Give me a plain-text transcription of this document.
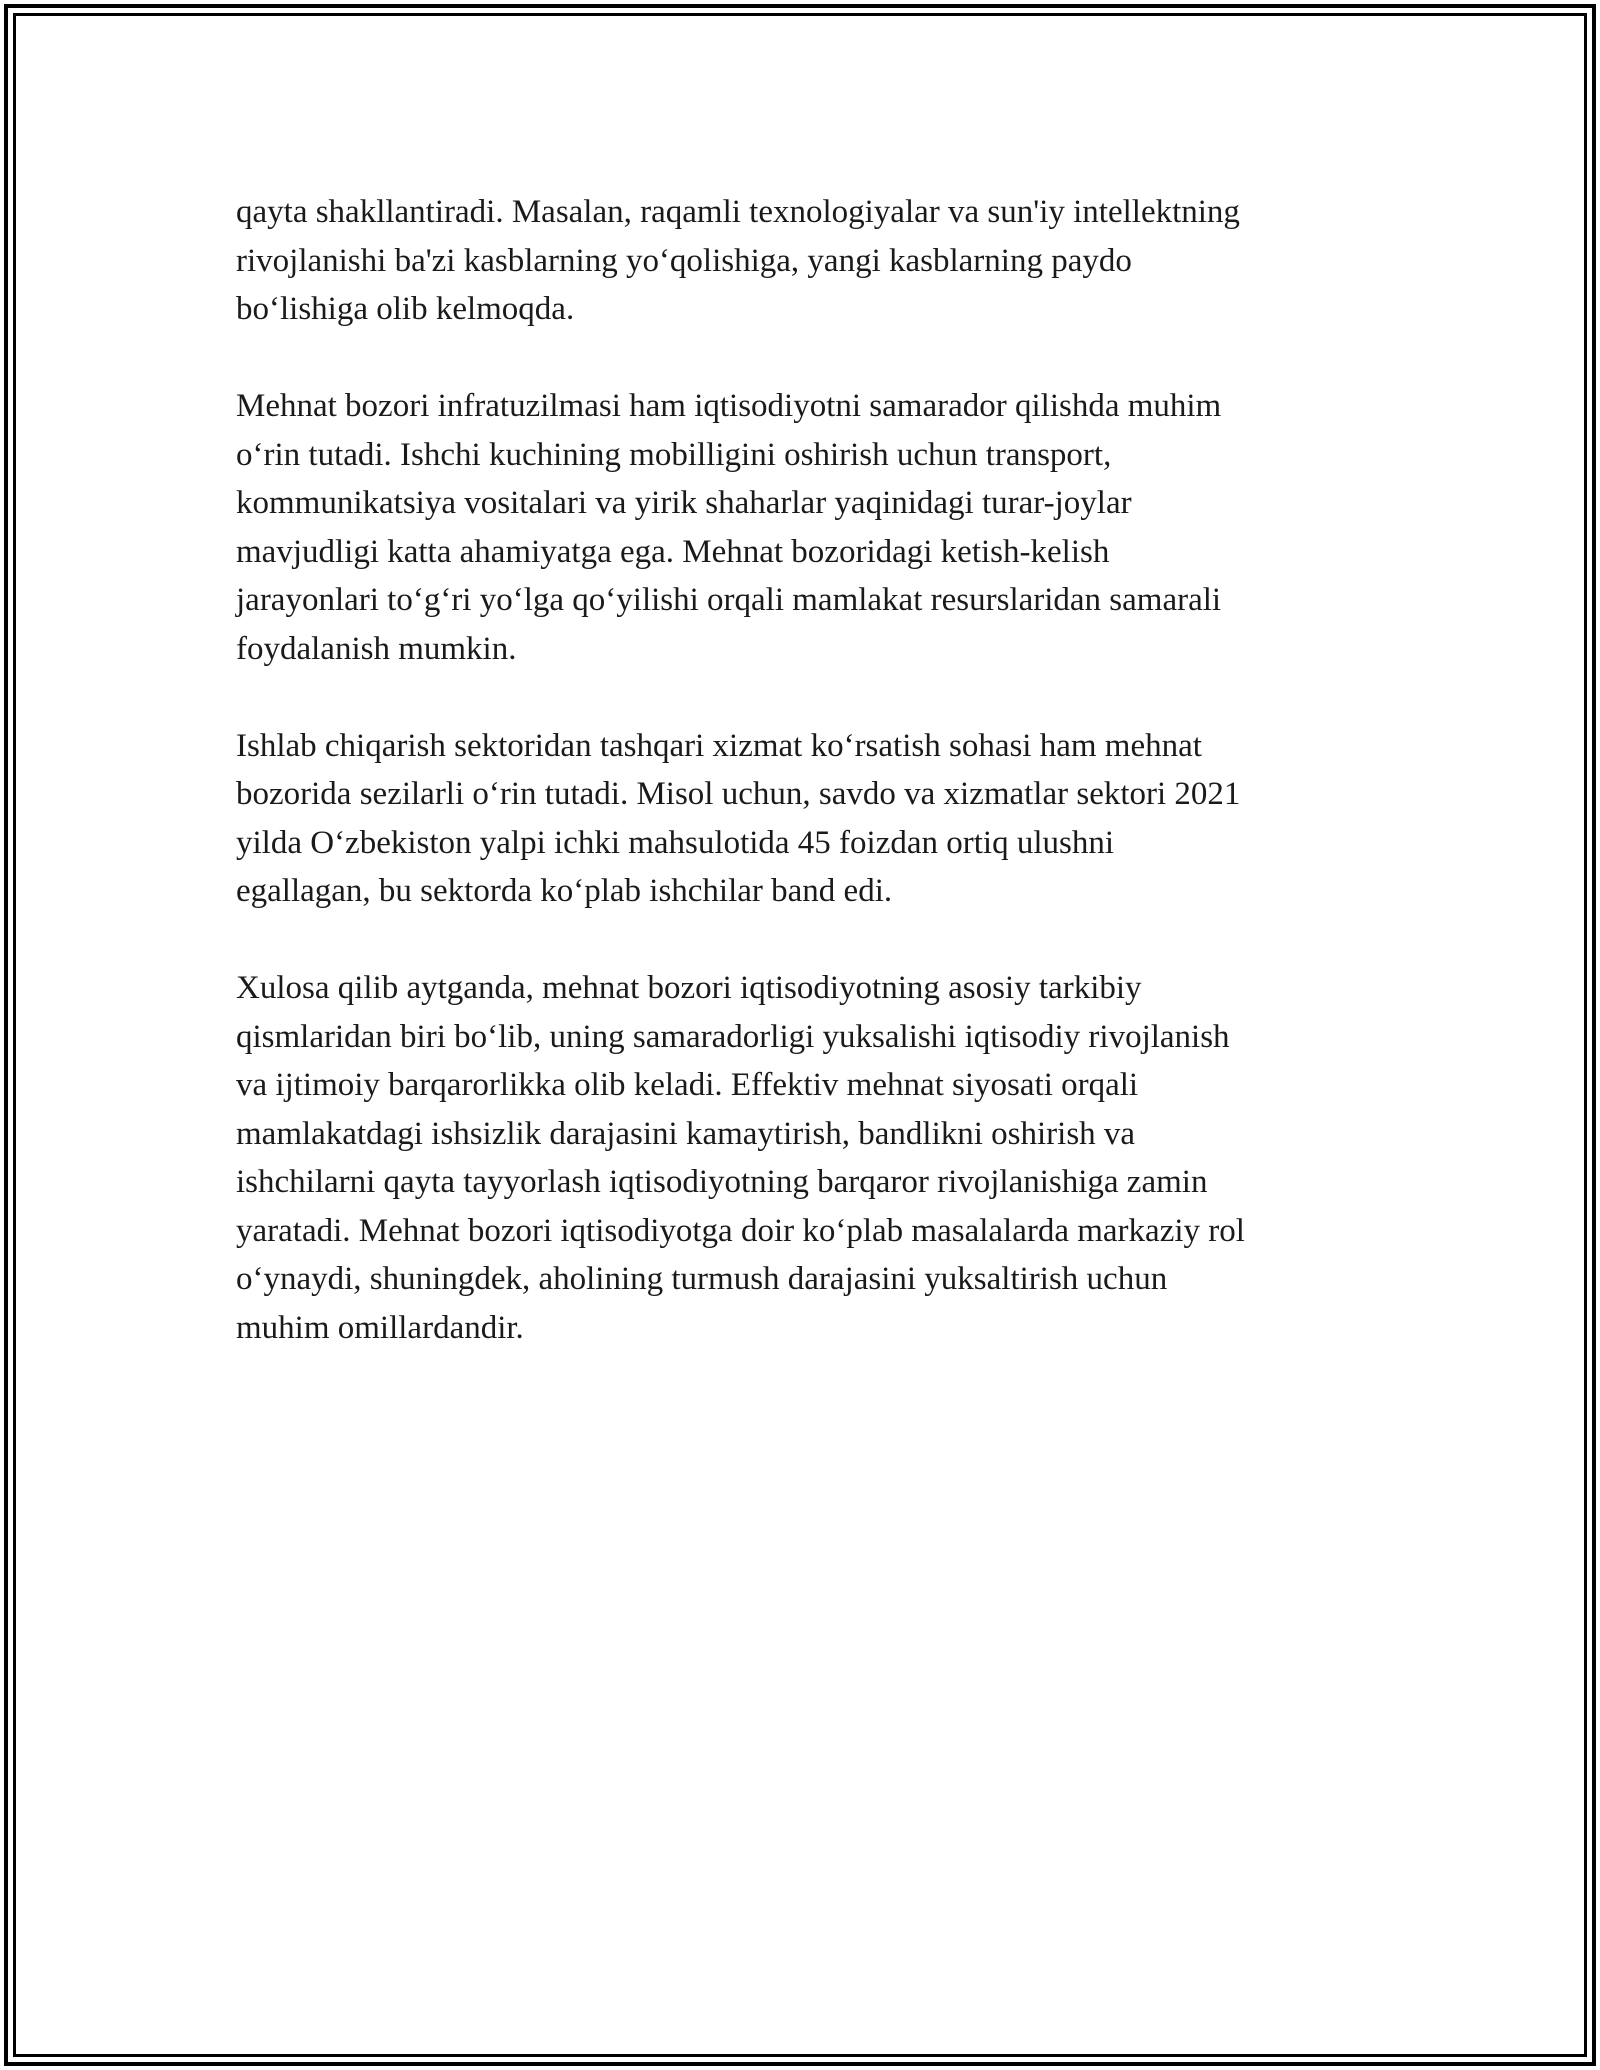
qayta shakllantiradi. Masalan, raqamli texnologiyalar va sun'iy intellektning
rivojlanishi ba'zi kasblarning yo‘qolishiga, yangi kasblarning paydo
bo‘lishiga olib kelmoqda.

Mehnat bozori infratuzilmasi ham iqtisodiyotni samarador qilishda muhim
o‘rin tutadi. Ishchi kuchining mobilligini oshirish uchun transport,
kommunikatsiya vositalari va yirik shaharlar yaqinidagi turar-joylar
mavjudligi katta ahamiyatga ega. Mehnat bozoridagi ketish-kelish
jarayonlari to‘g‘ri yo‘lga qo‘yilishi orqali mamlakat resurslaridan samarali
foydalanish mumkin.

Ishlab chiqarish sektoridan tashqari xizmat ko‘rsatish sohasi ham mehnat
bozorida sezilarli o‘rin tutadi. Misol uchun, savdo va xizmatlar sektori 2021
yilda O‘zbekiston yalpi ichki mahsulotida 45 foizdan ortiq ulushni
egallagan, bu sektorda ko‘plab ishchilar band edi.

Xulosa qilib aytganda, mehnat bozori iqtisodiyotning asosiy tarkibiy
qismlaridan biri bo‘lib, uning samaradorligi yuksalishi iqtisodiy rivojlanish
va ijtimoiy barqarorlikka olib keladi. Effektiv mehnat siyosati orqali
mamlakatdagi ishsizlik darajasini kamaytirish, bandlikni oshirish va
ishchilarni qayta tayyorlash iqtisodiyotning barqaror rivojlanishiga zamin
yaratadi. Mehnat bozori iqtisodiyotga doir ko‘plab masalalarda markaziy rol
o‘ynaydi, shuningdek, aholining turmush darajasini yuksaltirish uchun
muhim omillardandir.
